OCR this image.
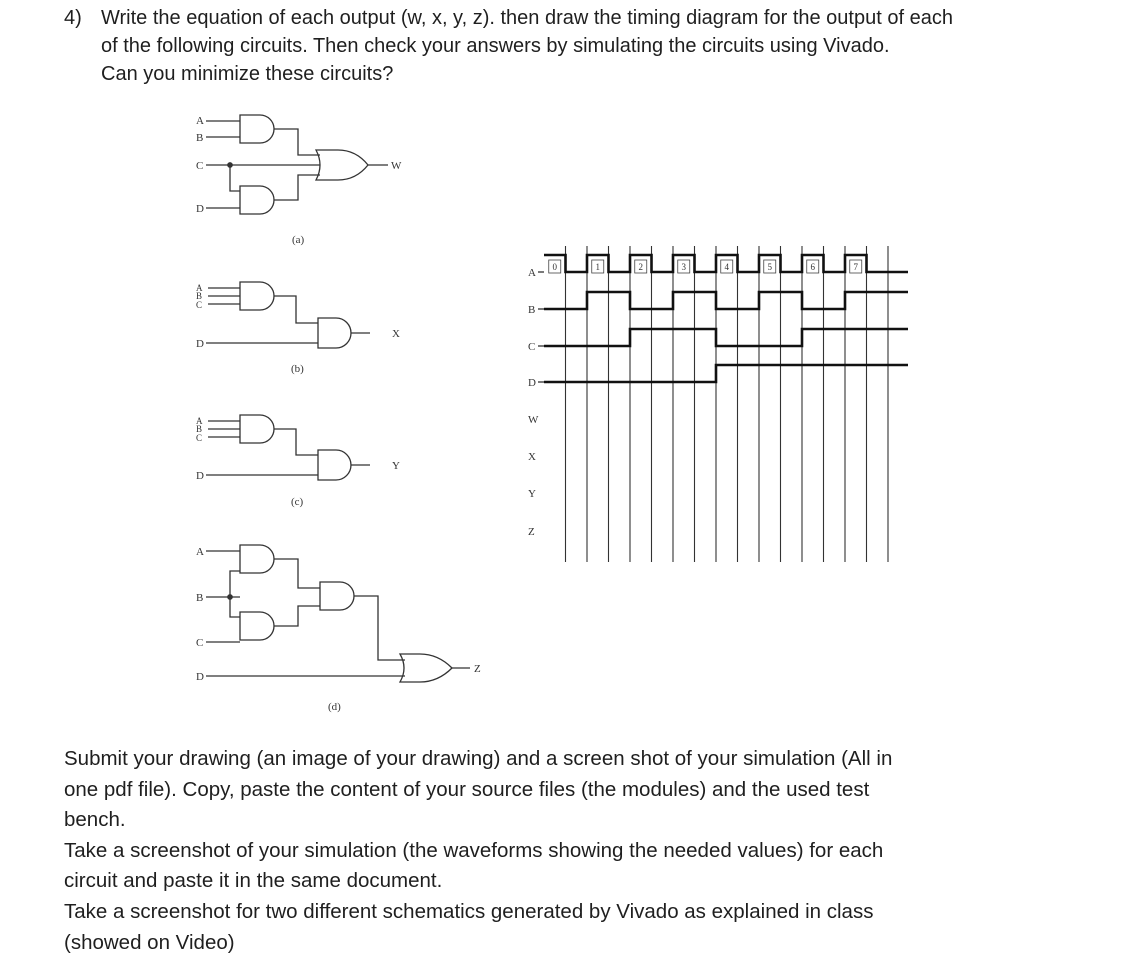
4) Write the equation of each output (w, x, y, z). then draw the timing diagram for the output of each
of the following circuits. Then check your answers by simulating the circuits using Vivado.
Can you minimize these circuits?
A
B
C
D
W
(a)
A
B
C
D
X
(b)
A
B
C
D
Y
(c)
A
B
C
D
Z
(d)
A
B
C
D
W
X
Y
Z
0	1	2	3	4	5	6	7
Submit your drawing (an image of your drawing) and a screen shot of your simulation (All in
one pdf file). Copy, paste the content of your source files (the modules) and the used test
bench.
Take a screenshot of your simulation (the waveforms showing the needed values) for each
circuit and paste it in the same document.
Take a screenshot for two different schematics generated by Vivado as explained in class
(showed on Video)
